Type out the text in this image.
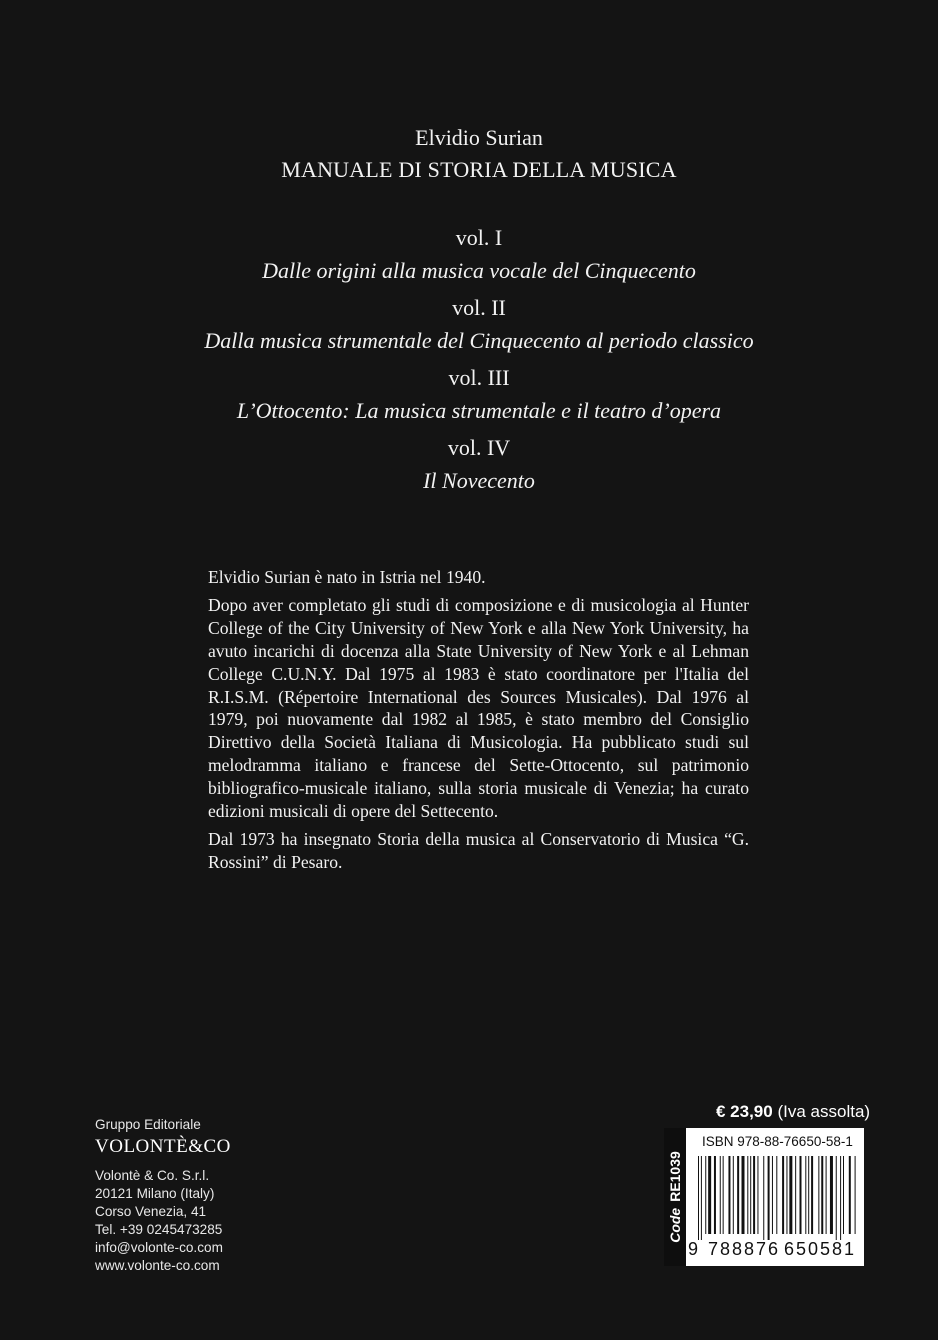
Elvidio Surian
MANUALE DI STORIA DELLA MUSICA
vol. I
Dalle origini alla musica vocale del Cinquecento
vol. II
Dalla musica strumentale del Cinquecento al periodo classico
vol. III
L’Ottocento: La musica strumentale e il teatro d’opera
vol. IV
Il Novecento

Elvidio Surian è nato in Istria nel 1940.

Dopo aver completato gli studi di composizione e di musicologia al Hunter College of the City University of New York e alla New York University, ha avuto incarichi di docenza alla State University of New York e al Lehman College C.U.N.Y. Dal 1975 al 1983 è stato coordinatore per l'Italia del R.I.S.M. (Répertoire International des Sources Musicales). Dal 1976 al 1979, poi nuovamente dal 1982 al 1985, è stato membro del Consiglio Direttivo della Società Italiana di Musicologia. Ha pubblicato studi sul melodramma italiano e francese del Sette-Ottocento, sul patrimonio bibliografico-musicale italiano, sulla storia musicale di Venezia; ha curato edizioni musicali di opere del Settecento.

Dal 1973 ha insegnato Storia della musica al Conservatorio di Musica “G. Rossini” di Pesaro.

Gruppo Editoriale
VOLONTÈ&CO
Volontè & Co. S.r.l.
20121 Milano (Italy)
Corso Venezia, 41
Tel. +39 0245473285
info@volonte-co.com
www.volonte-co.com
€ 23,90 (Iva assolta)
CodeRE1039
ISBN 978-88-76650-58-1
9 788876 650581
